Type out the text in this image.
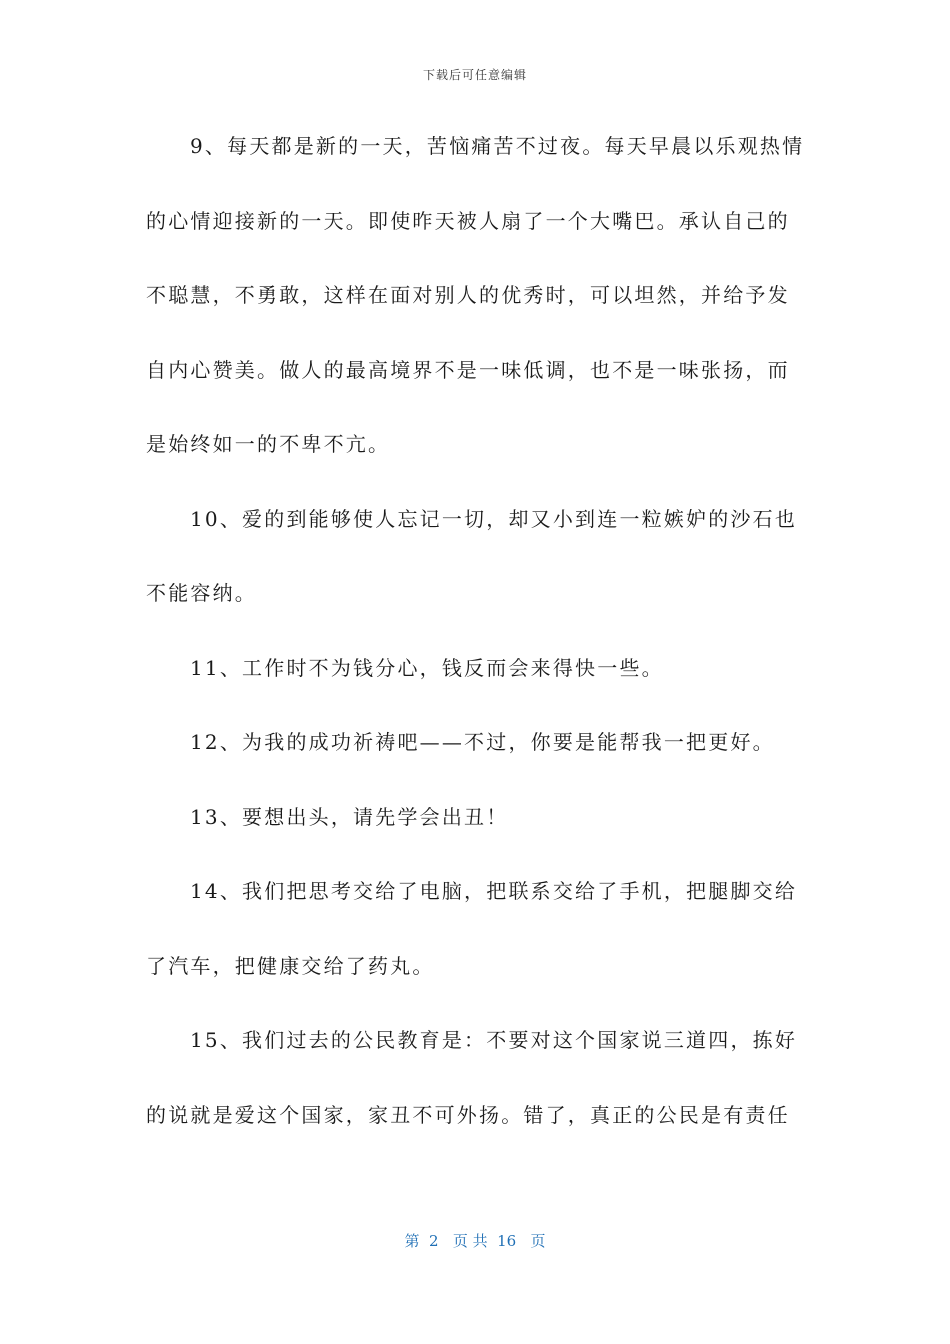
下载后可任意编辑
9、每天都是新的一天，苦恼痛苦不过夜。每天早晨以乐观热情
的心情迎接新的一天。即使昨天被人扇了一个大嘴巴。承认自己的
不聪慧，不勇敢，这样在面对别人的优秀时，可以坦然，并给予发
自内心赞美。做人的最高境界不是一味低调，也不是一味张扬，而
是始终如一的不卑不亢。
10、爱的到能够使人忘记一切，却又小到连一粒嫉妒的沙石也
不能容纳。
11、工作时不为钱分心，钱反而会来得快一些。
12、为我的成功祈祷吧——不过，你要是能帮我一把更好。
13、要想出头，请先学会出丑！
14、我们把思考交给了电脑，把联系交给了手机，把腿脚交给
了汽车，把健康交给了药丸。
15、我们过去的公民教育是：不要对这个国家说三道四，拣好
的说就是爱这个国家，家丑不可外扬。错了，真正的公民是有责任
第  2   页 共  16   页
